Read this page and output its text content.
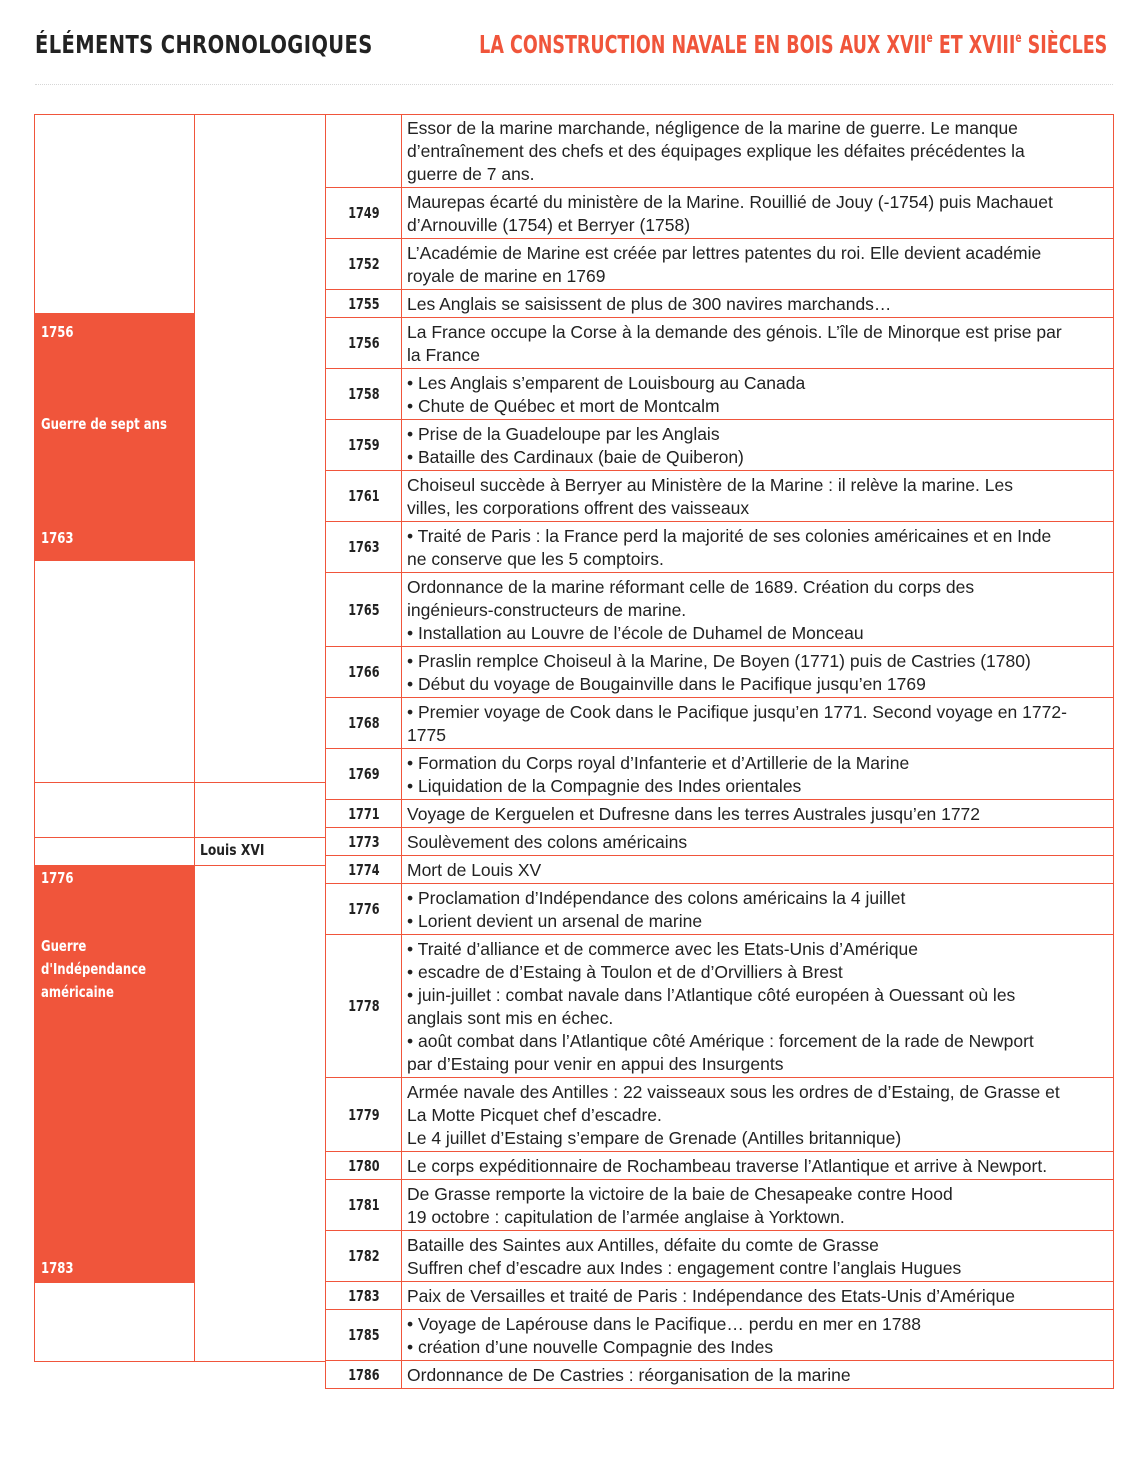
ÉLÉMENTS CHRONOLOGIQUES	LA CONSTRUCTION NAVALE EN BOIS AUX XVIIe ET XVIIIe SIÈCLES
1756
Guerre de sept ans
1763
1776
Guerre
d'Indépendance
américaine
1783
Louis XVI
Essor de la marine marchande, négligence de la marine de guerre. Le manque
d’entraînement des chefs et des équipages explique les défaites précédentes la
guerre de 7 ans.
1749
Maurepas écarté du ministère de la Marine. Rouillié de Jouy (-1754) puis Machauet
d’Arnouville (1754) et Berryer (1758)
1752
L’Académie de Marine est créée par lettres patentes du roi. Elle devient académie
royale de marine en 1769
1755 Les Anglais se saisissent de plus de 300 navires marchands…
1756
La France occupe la Corse à la demande des génois. L’île de Minorque est prise par
la France
1758
• Les Anglais s’emparent de Louisbourg au Canada
• Chute de Québec et mort de Montcalm
1759
• Prise de la Guadeloupe par les Anglais
• Bataille des Cardinaux (baie de Quiberon)
1761
Choiseul succède à Berryer au Ministère de la Marine : il relève la marine. Les
villes, les corporations offrent des vaisseaux
1763
• Traité de Paris : la France perd la majorité de ses colonies américaines et en Inde
ne conserve que les 5 comptoirs.
1765
Ordonnance de la marine réformant celle de 1689. Création du corps des
ingénieurs-constructeurs de marine.
• Installation au Louvre de l’école de Duhamel de Monceau
1766
• Praslin remplce Choiseul à la Marine, De Boyen (1771) puis de Castries (1780)
• Début du voyage de Bougainville dans le Pacifique jusqu’en 1769
1768
• Premier voyage de Cook dans le Pacifique jusqu’en 1771. Second voyage en 1772-
1775
1769
• Formation du Corps royal d’Infanterie et d’Artillerie de la Marine
• Liquidation de la Compagnie des Indes orientales
1771 Voyage de Kerguelen et Dufresne dans les terres Australes jusqu’en 1772
1773 Soulèvement des colons américains
1774 Mort de Louis XV
1776
• Proclamation d’Indépendance des colons américains la 4 juillet
• Lorient devient un arsenal de marine
1778
• Traité d’alliance et de commerce avec les Etats-Unis d’Amérique
• escadre de d’Estaing à Toulon et de d’Orvilliers à Brest
• juin-juillet : combat navale dans l’Atlantique côté européen à Ouessant où les
anglais sont mis en échec.
• août combat dans l’Atlantique côté Amérique : forcement de la rade de Newport
par d’Estaing pour venir en appui des Insurgents
1779
Armée navale des Antilles : 22 vaisseaux sous les ordres de d’Estaing, de Grasse et
La Motte Picquet chef d’escadre.
Le 4 juillet d’Estaing s’empare de Grenade (Antilles britannique)
1780 Le corps expéditionnaire de Rochambeau traverse l’Atlantique et arrive à Newport.
1781
De Grasse remporte la victoire de la baie de Chesapeake contre Hood
19 octobre : capitulation de l’armée anglaise à Yorktown.
1782
Bataille des Saintes aux Antilles, défaite du comte de Grasse
Suffren chef d’escadre aux Indes : engagement contre l’anglais Hugues
1783 Paix de Versailles et traité de Paris : Indépendance des Etats-Unis d’Amérique
1785
• Voyage de Lapérouse dans le Pacifique… perdu en mer en 1788
• création d’une nouvelle Compagnie des Indes
1786 Ordonnance de De Castries : réorganisation de la marine
